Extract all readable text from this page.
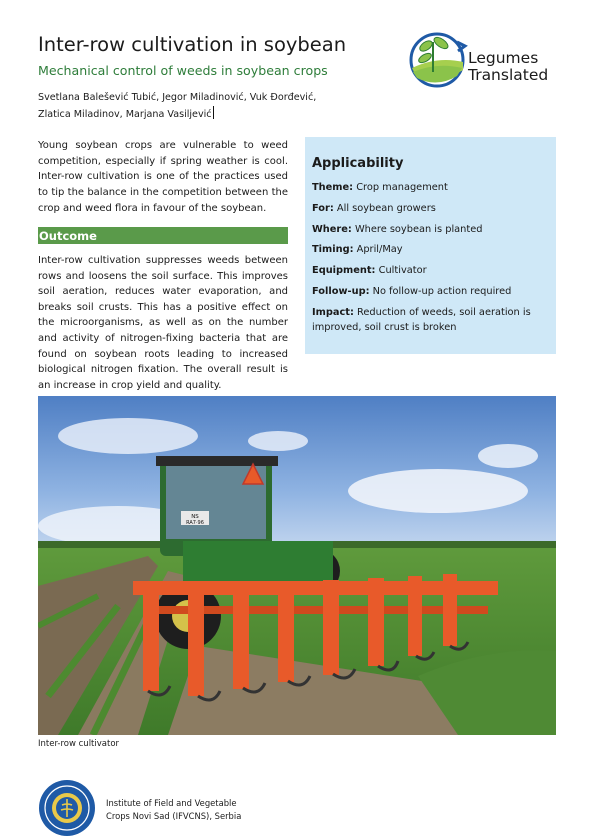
Inter-row cultivation in soybean
Mechanical control of weeds in soybean crops
Svetlana Balešević Tubić, Jegor Miladinović, Vuk Đorđević,
Zlatica Miladinov, Marjana Vasiljević
Legumes
Translated
Young soybean crops are vulnerable to weed competition, especially if spring weather is cool. Inter-row cultivation is one of the practices used to tip the balance in the competition between the crop and weed flora in favour of the soybean.
Outcome
Inter-row cultivation suppresses weeds between rows and loosens the soil surface. This improves soil aeration, reduces water evaporation, and breaks soil crusts. This has a positive effect on the microorganisms, as well as on the number and activity of nitrogen-fixing bacteria that are found on soybean roots leading to increased biological nitrogen fixation. The overall result is an increase in crop yield and quality.
Applicability
Theme: Crop management
For: All soybean growers
Where: Where soybean is planted
Timing: April/May
Equipment: Cultivator
Follow-up: No follow-up action required
Impact: Reduction of weeds, soil aeration is improved, soil crust is broken
NS
RA7·96
Inter-row cultivator
Institute of Field and Vegetable
Crops Novi Sad (IFVCNS), Serbia
